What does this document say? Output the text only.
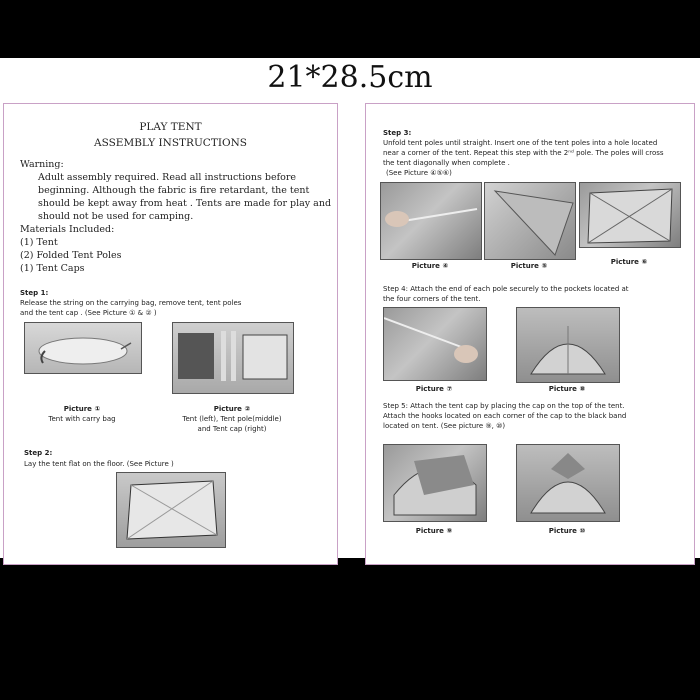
21*28.5cm
PLAY TENT
ASSEMBLY INSTRUCTIONS
Warning:
Adult assembly required. Read all instructions before
beginning. Although the fabric is fire retardant, the tent
should be kept away from heat . Tents are made for play and
should not be used for camping.
Materials Included:
(1) Tent
(2) Folded Tent Poles
(1) Tent Caps
Step 1:
Release the string on the carrying bag, remove tent, tent poles
and the tent cap . (See Picture ① & ② )
Picture ①
Tent with carry bag
Picture ②
Tent (left), Tent pole(middle)
and Tent cap (right)
Step 2:
Lay the tent flat on the floor. (See Picture )
Step 3:
Unfold tent poles until straight. Insert one of the tent poles into a hole located
near a corner of the tent. Repeat this step with the 2ⁿᵈ pole. The poles will cross
the tent diagonally when complete .
(See Picture ④⑤⑥)
Picture ④	Picture ⑤	Picture ⑥
Step 4: Attach the end of each pole securely to the pockets located at
the four corners of the tent.
Picture ⑦	Picture ⑧
Step 5: Attach the tent cap by placing the cap on the top of the tent.
Attach the hooks located on each corner of the cap to the black band
located on tent. (See picture ⑨, ⑩)
Picture ⑨	Picture ⑩
